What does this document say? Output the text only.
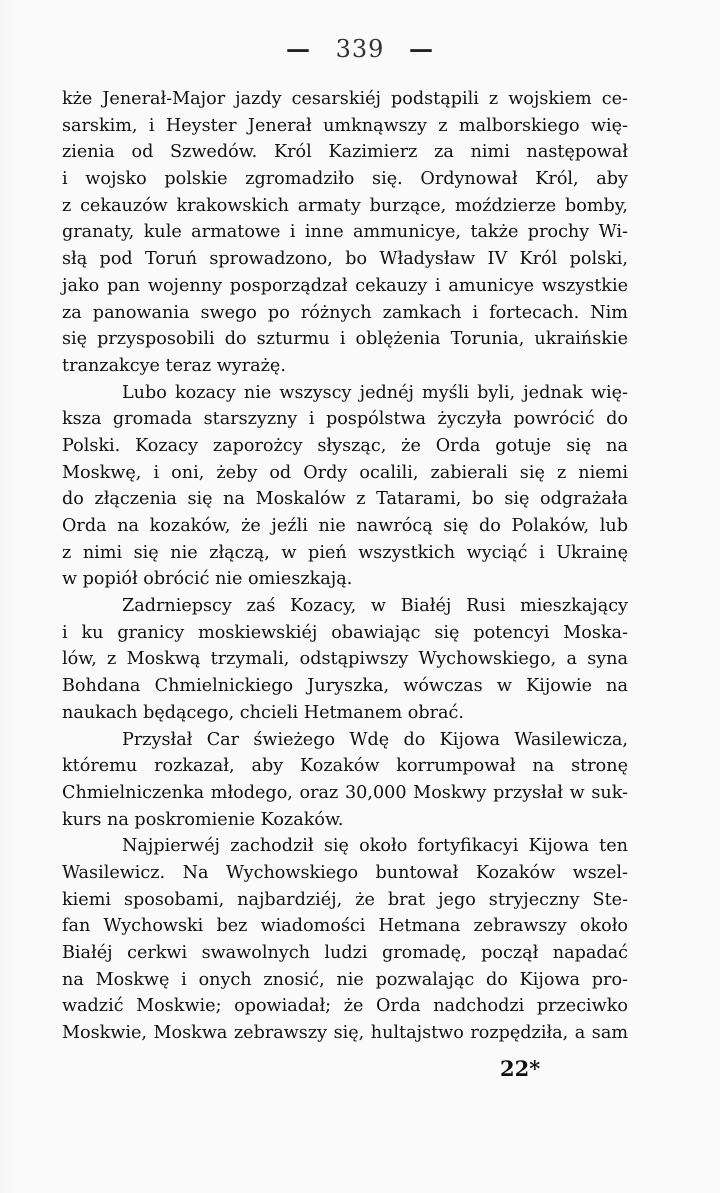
— 339 —
kże Jenerał-Major jazdy cesarskiéj podstąpili z wojskiem ce-
sarskim, i Heyster Jenerał umknąwszy z malborskiego wię-
zienia od Szwedów. Król Kazimierz za nimi następował
i wojsko polskie zgromadziło się. Ordynował Król, aby
z cekauzów krakowskich armaty burzące, moździerze bomby,
granaty, kule armatowe i inne ammunicye, także prochy Wi-
słą pod Toruń sprowadzono, bo Władysław IV Król polski,
jako pan wojenny posporządzał cekauzy i amunicye wszystkie
za panowania swego po różnych zamkach i fortecach. Nim
się przysposobili do szturmu i oblężenia Torunia, ukraińskie
tranzakcye teraz wyrażę.
Lubo kozacy nie wszyscy jednéj myśli byli, jednak wię-
ksza gromada starszyzny i pospólstwa życzyła powrócić do
Polski. Kozacy zaporożcy słysząc, że Orda gotuje się na
Moskwę, i oni, żeby od Ordy ocalili, zabierali się z niemi
do złączenia się na Moskalów z Tatarami, bo się odgrażała
Orda na kozaków, że jeźli nie nawrócą się do Polaków, lub
z nimi się nie złączą, w pień wszystkich wyciąć i Ukrainę
w popiół obrócić nie omieszkają.
Zadrniepscy zaś Kozacy, w Białéj Rusi mieszkający
i ku granicy moskiewskiéj obawiając się potencyi Moska-
lów, z Moskwą trzymali, odstąpiwszy Wychowskiego, a syna
Bohdana Chmielnickiego Juryszka, wówczas w Kijowie na
naukach będącego, chcieli Hetmanem obrać.
Przysłał Car świeżego Wdę do Kijowa Wasilewicza,
któremu rozkazał, aby Kozaków korrumpował na stronę
Chmielniczenka młodego, oraz 30,000 Moskwy przysłał w suk-
kurs na poskromienie Kozaków.
Najpierwéj zachodził się około fortyfikacyi Kijowa ten
Wasilewicz. Na Wychowskiego buntował Kozaków wszel-
kiemi sposobami, najbardziéj, że brat jego stryjeczny Ste-
fan Wychowski bez wiadomości Hetmana zebrawszy około
Białéj cerkwi swawolnych ludzi gromadę, począł napadać
na Moskwę i onych znosić, nie pozwalając do Kijowa pro-
wadzić Moskwie; opowiadał; że Orda nadchodzi przeciwko
Moskwie, Moskwa zebrawszy się, hultajstwo rozpędziła, a sam
22*
